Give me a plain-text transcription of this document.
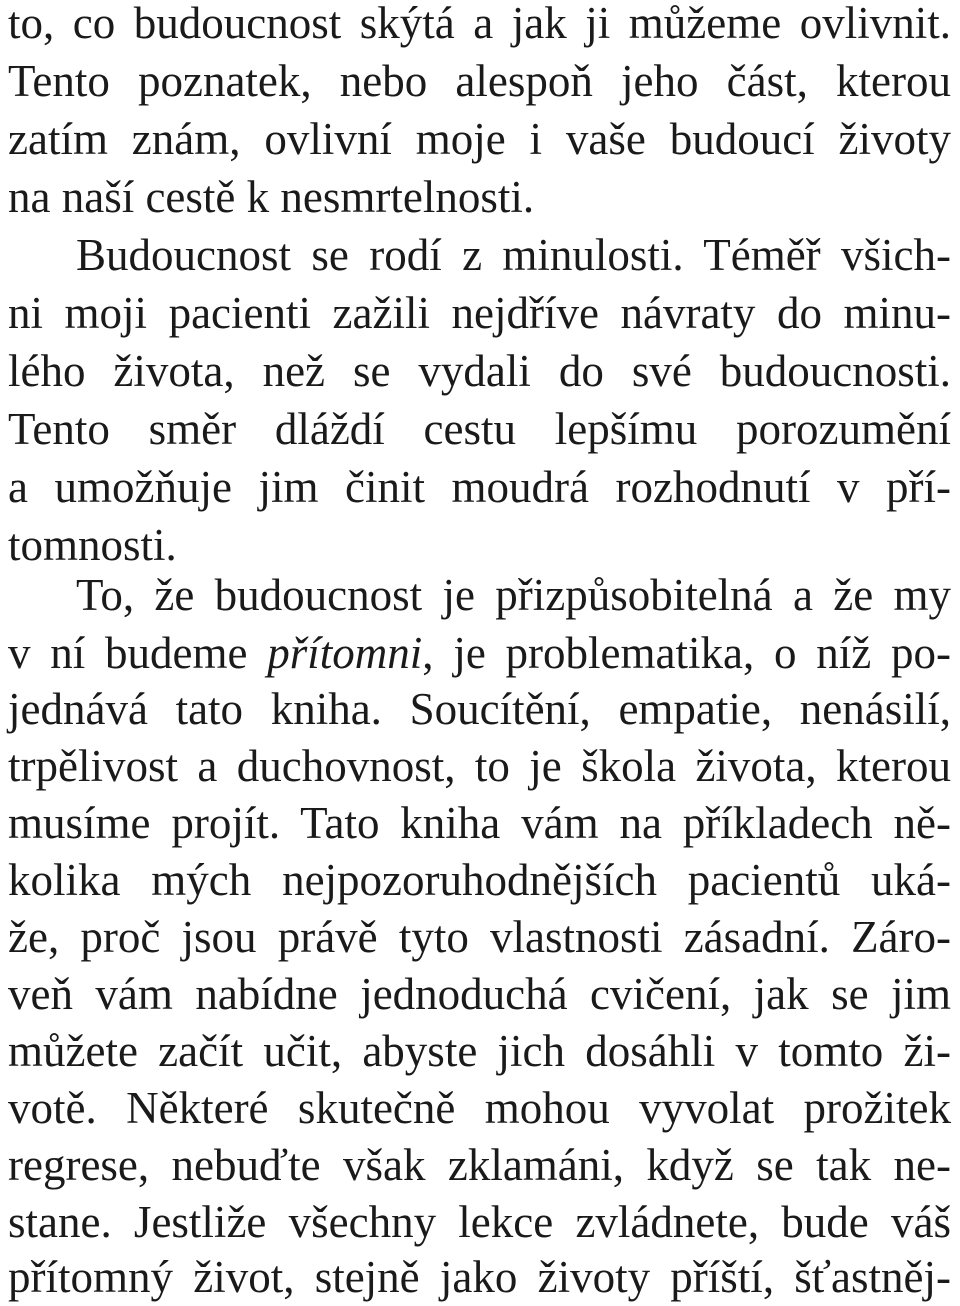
to, co budoucnost skýtá a jak ji můžeme ovlivnit.
Tento poznatek, nebo alespoň jeho část, kterou
zatím znám, ovlivní moje i vaše budoucí životy
na naší cestě k nesmrtelnosti.
Budoucnost se rodí z minulosti. Téměř všich-
ni moji pacienti zažili nejdříve návraty do minu-
lého života, než se vydali do své budoucnosti.
Tento směr dláždí cestu lepšímu porozumění
a umožňuje jim činit moudrá rozhodnutí v pří-
tomnosti.
To, že budoucnost je přizpůsobitelná a že my
v ní budeme přítomni, je problematika, o níž po-
jednává tato kniha. Soucítění, empatie, nenásilí,
trpělivost a duchovnost, to je škola života, kterou
musíme projít. Tato kniha vám na příkladech ně-
kolika mých nejpozoruhodnějších pacientů uká-
že, proč jsou právě tyto vlastnosti zásadní. Záro-
veň vám nabídne jednoduchá cvičení, jak se jim
můžete začít učit, abyste jich dosáhli v tomto ži-
votě. Některé skutečně mohou vyvolat prožitek
regrese, nebuďte však zklamáni, když se tak ne-
stane. Jestliže všechny lekce zvládnete, bude váš
přítomný život, stejně jako životy příští, šťastněj-
